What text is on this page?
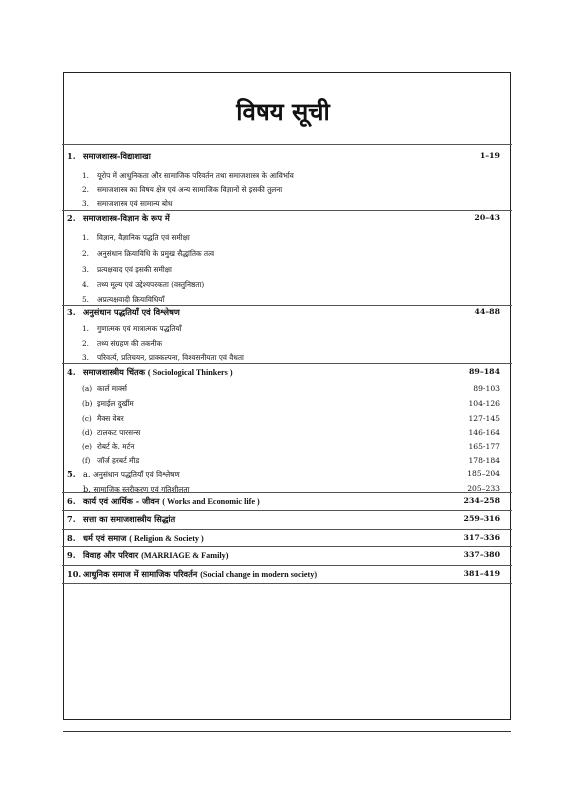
विषय सूची
1. समाजशास्त्र-विद्याशाखा	1–19
1. यूरोप में आधुनिकता और सामाजिक परिवर्तन तथा समाजशास्त्र के आविर्भाव
2. समाजशास्त्र का विषय क्षेत्र एवं अन्य सामाजिक विज्ञानों से इसकी तुलना
3. समाजशास्त्र एवं सामान्य बोध
2. समाजशास्त्र-विज्ञान के रूप में	20–43
1. विज्ञान, वैज्ञानिक पद्धति एवं समीक्षा
2. अनुसंधान क्रियाविधि के प्रमुख सैद्धांतिक तत्व
3. प्रत्यक्षवाद एवं इसकी समीक्षा
4. तथ्य मूल्य एवं उद्देश्यपरकता (वस्तुनिष्ठता)
5. अप्रत्यक्षवादी क्रियाविधियाँ
3. अनुसंधान पद्धतियाँ एवं विश्लेषण	44–88
1. गुणात्मक एवं मात्रात्मक पद्धतियाँ
2. तथ्य संग्रहण की तकनीक
3. परिवर्त्य, प्रतिचयन, प्राक्कल्पना, विश्वसनीयता एवं वैधता
4. समाजशास्त्रीय चिंतक ( Sociological Thinkers )	89–184
(a) कार्ल मार्क्स	89-103
(b) इमाईल दुर्खीम	104-126
(c) मैक्स वेबर	127-145
(d) टालकट पारसन्स	146-164
(e) रोबर्ट के. मर्टन	165-177
(f) जॉर्ज हरबर्ट मीड	178-184
5. a. अनुसंधान पद्धतियाँ एवं विश्लेषण	185–204
b. सामाजिक स्तरीकरण एवं गतिशीलता	205–233
6. कार्य एवं आर्थिक - जीवन ( Works and Economic life )	234–258
7. सत्ता का समाजशास्त्रीय सिद्धांत	259–316
8. धर्म एवं समाज ( Religion & Society )	317–336
9. विवाह और परिवार (MARRIAGE & Family)	337–380
10. आधुनिक समाज में सामाजिक परिवर्तन (Social change in modern society)	381–419
